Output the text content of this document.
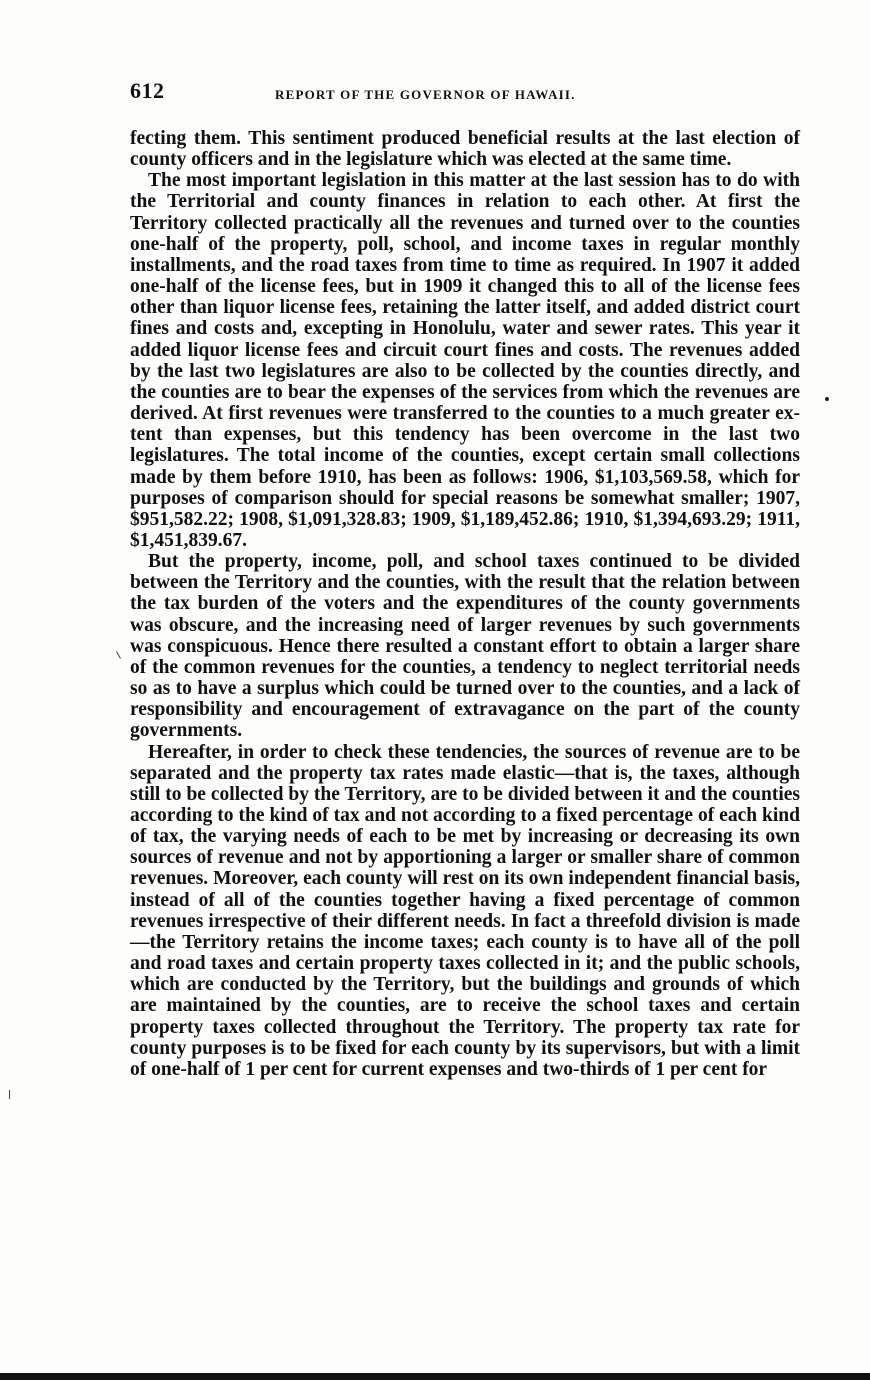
612	REPORT OF THE GOVERNOR OF HAWAII.

fecting them. This sentiment produced beneficial results at the last election of county officers and in the legislature which was elected at the same time.

The most important legislation in this matter at the last session has to do with the Territorial and county finances in relation to each other. At first the Territory collected practically all the revenues and turned over to the counties one-half of the property, poll, school, and income taxes in regular monthly installments, and the road taxes from time to time as required. In 1907 it added one-half of the license fees, but in 1909 it changed this to all of the license fees other than liquor license fees, retaining the latter itself, and added district court fines and costs and, excepting in Honolulu, water and sewer rates. This year it added liquor license fees and circuit court fines and costs. The revenues added by the last two legislatures are also to be collected by the counties directly, and the counties are to bear the expenses of the services from which the revenues are derived. At first revenues were transferred to the counties to a much greater extent than expenses, but this tendency has been overcome in the last two legislatures. The total income of the counties, except certain small collections made by them before 1910, has been as follows: 1906, $1,103,569.58, which for purposes of comparison should for special reasons be somewhat smaller; 1907, $951,582.22; 1908, $1,091,328.83; 1909, $1,189,452.86; 1910, $1,394,693.29; 1911, $1,451,839.67.

But the property, income, poll, and school taxes continued to be divided between the Territory and the counties, with the result that the relation between the tax burden of the voters and the expenditures of the county governments was obscure, and the increasing need of larger revenues by such governments was conspicuous. Hence there resulted a constant effort to obtain a larger share of the common revenues for the counties, a tendency to neglect territorial needs so as to have a surplus which could be turned over to the counties, and a lack of responsibility and encouragement of extravagance on the part of the county governments.

Hereafter, in order to check these tendencies, the sources of revenue are to be separated and the property tax rates made elastic—that is, the taxes, although still to be collected by the Territory, are to be divided between it and the counties according to the kind of tax and not according to a fixed percentage of each kind of tax, the varying needs of each to be met by increasing or decreasing its own sources of revenue and not by apportioning a larger or smaller share of common revenues. Moreover, each county will rest on its own independent financial basis, instead of all of the counties together having a fixed percentage of common revenues irrespective of their different needs. In fact a threefold division is made—the Territory retains the income taxes; each county is to have all of the poll and road taxes and certain property taxes collected in it; and the public schools, which are conducted by the Territory, but the buildings and grounds of which are maintained by the counties, are to receive the school taxes and certain property taxes collected throughout the Territory. The property tax rate for county purposes is to be fixed for each county by its supervisors, but with a limit of one-half of 1 per cent for current expenses and two-thirds of 1 per cent for
